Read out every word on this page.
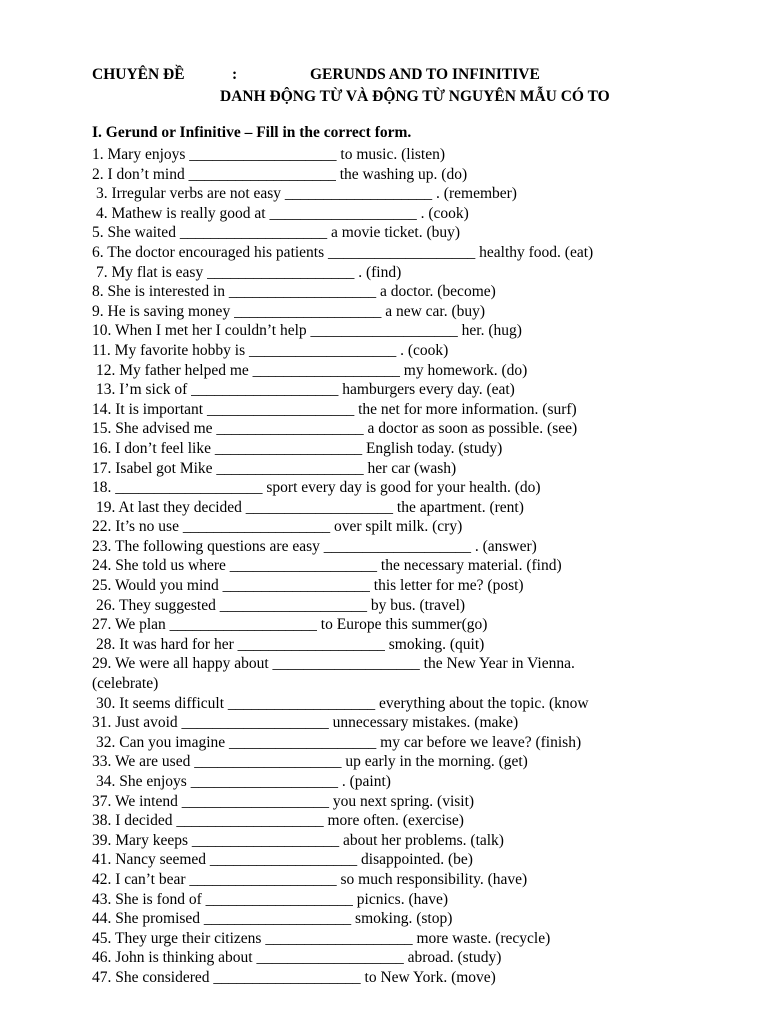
CHUYÊN ĐỀ	:	GERUNDS AND TO INFINITIVE
DANH ĐỘNG TỪ VÀ ĐỘNG TỪ NGUYÊN MẪU CÓ TO
I. Gerund or Infinitive – Fill in the correct form.
1. Mary enjoys ___________________ to music. (listen)
2. I don’t mind ___________________ the washing up. (do)
3. Irregular verbs are not easy ___________________ . (remember)
4. Mathew is really good at ___________________ . (cook)
5. She waited ___________________ a movie ticket. (buy)
6. The doctor encouraged his patients ___________________ healthy food. (eat)
7. My flat is easy ___________________ . (find)
8. She is interested in ___________________ a doctor. (become)
9. He is saving money ___________________ a new car. (buy)
10. When I met her I couldn’t help ___________________ her. (hug)
11. My favorite hobby is ___________________ . (cook)
12. My father helped me ___________________ my homework. (do)
13. I’m sick of ___________________ hamburgers every day. (eat)
14. It is important ___________________ the net for more information. (surf)
15. She advised me ___________________ a doctor as soon as possible. (see)
16. I don’t feel like ___________________ English today. (study)
17. Isabel got Mike ___________________ her car (wash)
18. ___________________ sport every day is good for your health. (do)
19. At last they decided ___________________ the apartment. (rent)
22. It’s no use ___________________ over spilt milk. (cry)
23. The following questions are easy ___________________ . (answer)
24. She told us where ___________________ the necessary material. (find)
25. Would you mind ___________________ this letter for me? (post)
26. They suggested ___________________ by bus. (travel)
27. We plan ___________________ to Europe this summer(go)
28. It was hard for her ___________________ smoking. (quit)
29. We were all happy about ___________________ the New Year in Vienna.
(celebrate)
30. It seems difficult ___________________ everything about the topic. (know
31. Just avoid ___________________ unnecessary mistakes. (make)
32. Can you imagine ___________________ my car before we leave? (finish)
33. We are used ___________________ up early in the morning. (get)
34. She enjoys ___________________ . (paint)
37. We intend ___________________ you next spring. (visit)
38. I decided ___________________ more often. (exercise)
39. Mary keeps ___________________ about her problems. (talk)
41. Nancy seemed ___________________ disappointed. (be)
42. I can’t bear ___________________ so much responsibility. (have)
43. She is fond of ___________________ picnics. (have)
44. She promised ___________________ smoking. (stop)
45. They urge their citizens ___________________ more waste. (recycle)
46. John is thinking about ___________________ abroad. (study)
47. She considered ___________________ to New York. (move)
